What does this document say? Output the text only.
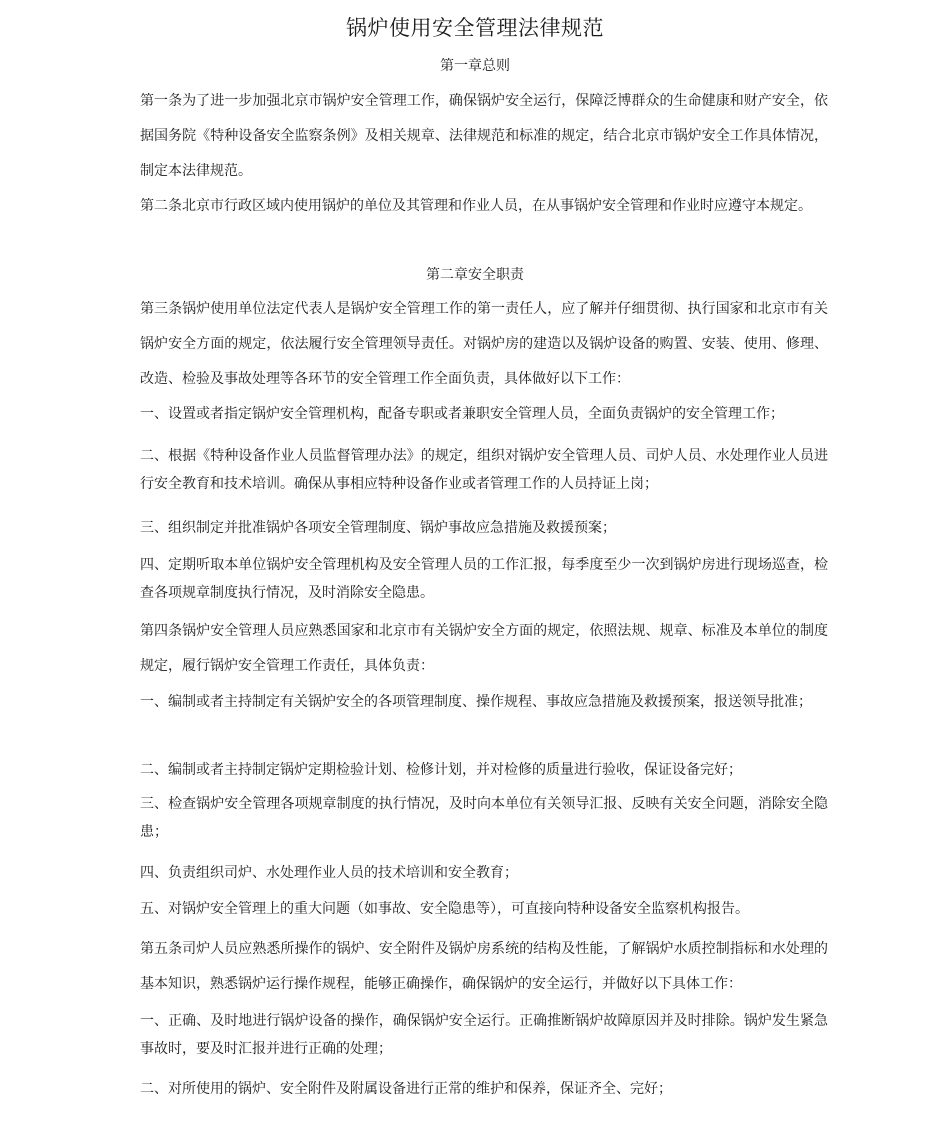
锅炉使用安全管理法律规范
第一章总则
第一条为了进一步加强北京市锅炉安全管理工作，确保锅炉安全运行，保障泛博群众的生命健康和财产安全，依据国务院《特种设备安全监察条例》及相关规章、法律规范和标准的规定，结合北京市锅炉安全工作具体情况，制定本法律规范。
第二条北京市行政区域内使用锅炉的单位及其管理和作业人员，在从事锅炉安全管理和作业时应遵守本规定。
第二章安全职责
第三条锅炉使用单位法定代表人是锅炉安全管理工作的第一责任人，应了解并仔细贯彻、执行国家和北京市有关锅炉安全方面的规定，依法履行安全管理领导责任。对锅炉房的建造以及锅炉设备的购置、安装、使用、修理、改造、检验及事故处理等各环节的安全管理工作全面负责，具体做好以下工作：
一、设置或者指定锅炉安全管理机构，配备专职或者兼职安全管理人员，全面负责锅炉的安全管理工作；
二、根据《特种设备作业人员监督管理办法》的规定，组织对锅炉安全管理人员、司炉人员、水处理作业人员进行安全教育和技术培训。确保从事相应特种设备作业或者管理工作的人员持证上岗；
三、组织制定并批准锅炉各项安全管理制度、锅炉事故应急措施及救援预案；
四、定期听取本单位锅炉安全管理机构及安全管理人员的工作汇报，每季度至少一次到锅炉房进行现场巡查，检查各项规章制度执行情况，及时消除安全隐患。
第四条锅炉安全管理人员应熟悉国家和北京市有关锅炉安全方面的规定，依照法规、规章、标准及本单位的制度规定，履行锅炉安全管理工作责任，具体负责：
一、编制或者主持制定有关锅炉安全的各项管理制度、操作规程、事故应急措施及救援预案，报送领导批准；
二、编制或者主持制定锅炉定期检验计划、检修计划，并对检修的质量进行验收，保证设备完好；
三、检查锅炉安全管理各项规章制度的执行情况，及时向本单位有关领导汇报、反映有关安全问题，消除安全隐患；
四、负责组织司炉、水处理作业人员的技术培训和安全教育；
五、对锅炉安全管理上的重大问题（如事故、安全隐患等），可直接向特种设备安全监察机构报告。
第五条司炉人员应熟悉所操作的锅炉、安全附件及锅炉房系统的结构及性能，了解锅炉水质控制指标和水处理的基本知识，熟悉锅炉运行操作规程，能够正确操作，确保锅炉的安全运行，并做好以下具体工作：
一、正确、及时地进行锅炉设备的操作，确保锅炉安全运行。正确推断锅炉故障原因并及时排除。锅炉发生紧急事故时，要及时汇报并进行正确的处理；
二、对所使用的锅炉、安全附件及附属设备进行正常的维护和保养，保证齐全、完好；
